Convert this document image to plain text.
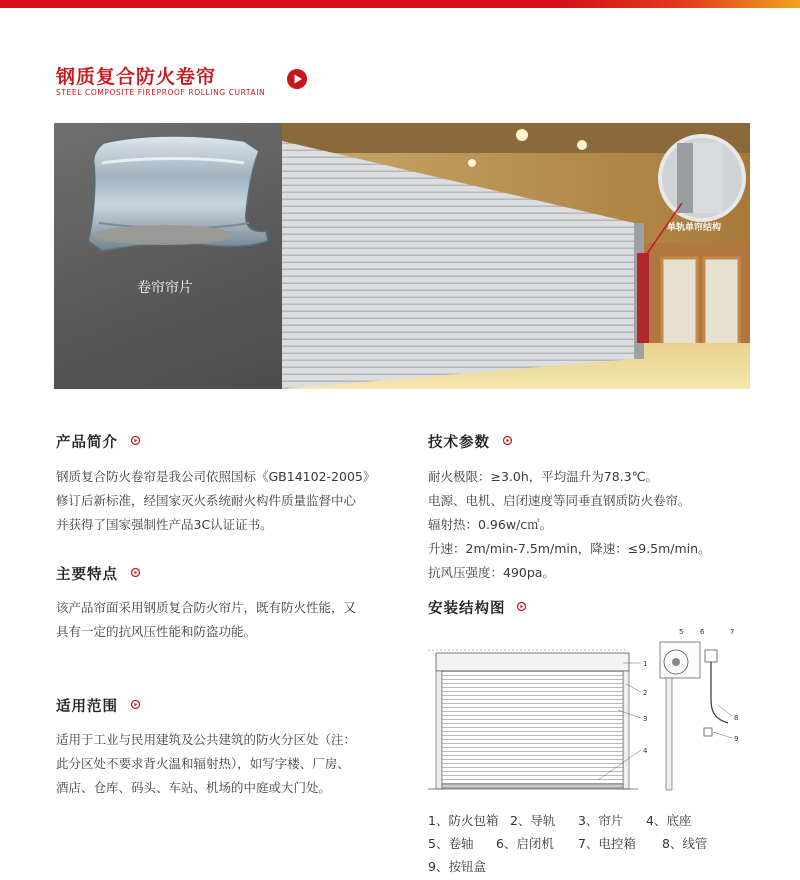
钢质复合防火卷帘
STEEL COMPOSITE FIREPROOF ROLLING CURTAIN
卷帘帘片
单轨单帘结构
产品简介
钢质复合防火卷帘是我公司依照国标《GB14102-2005》
修订后新标准，经国家灭火系统耐火构件质量监督中心
并获得了国家强制性产品3C认证证书。
主要特点
该产品帘面采用钢质复合防火帘片，既有防火性能，又
具有一定的抗风压性能和防盗功能。
适用范围
适用于工业与民用建筑及公共建筑的防火分区处（注：
此分区处不要求背火温和辐射热），如写字楼、厂房、
酒店、仓库、码头、车站、机场的中庭或大门处。
技术参数
耐火极限：≥3.0h，平均温升为78.3℃。
电源、电机、启闭速度等同垂直钢质防火卷帘。
辐射热：0.96w/c㎡。
升速：2m/min-7.5m/min，降速：≤9.5m/min。
抗风压强度：490pa。
安装结构图
1
2
3
4
5 6	7
8
9
1、防火包箱 2、导轨 3、帘片 4、底座
5、卷轴 6、启闭机 7、电控箱 8、线管
9、按钮盒
